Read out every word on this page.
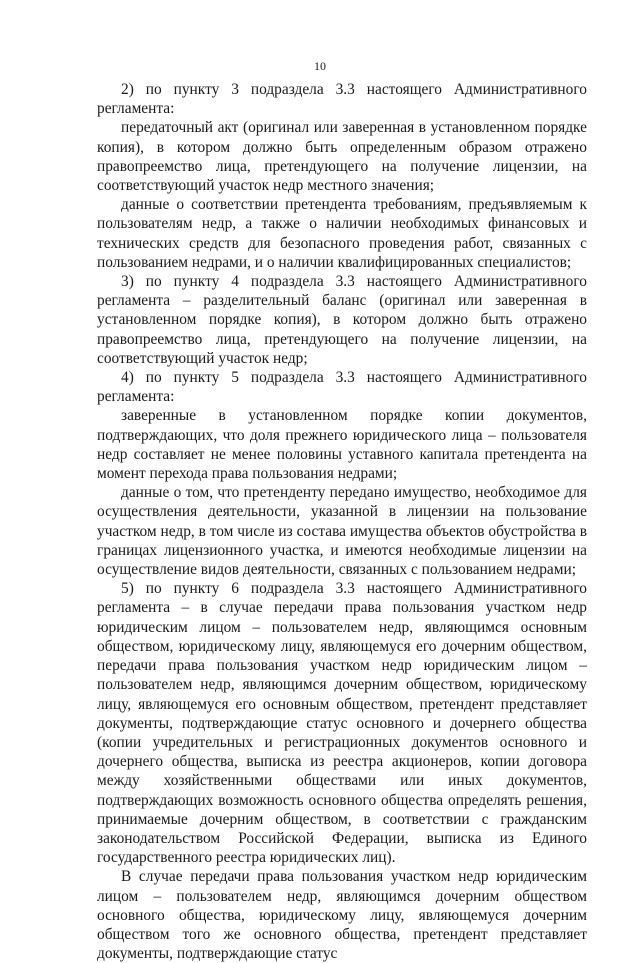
10

2) по пункту 3 подраздела 3.3 настоящего Административного регламента:

передаточный акт (оригинал или заверенная в установленном порядке копия), в котором должно быть определенным образом отражено правопреемство лица, претендующего на получение лицензии, на соответствующий участок недр местного значения;

данные о соответствии претендента требованиям, предъявляемым к пользователям недр, а также о наличии необходимых финансовых и технических средств для безопасного проведения работ, связанных с пользованием недрами, и о наличии квалифицированных специалистов;

3) по пункту 4 подраздела 3.3 настоящего Административного регламента – разделительный баланс (оригинал или заверенная в установленном порядке копия), в котором должно быть отражено правопреемство лица, претендующего на получение лицензии, на соответствующий участок недр;

4) по пункту 5 подраздела 3.3 настоящего Административного регламента:

заверенные в установленном порядке копии документов, подтверждающих, что доля прежнего юридического лица – пользователя недр составляет не менее половины уставного капитала претендента на момент перехода права пользования недрами;

данные о том, что претенденту передано имущество, необходимое для осуществления деятельности, указанной в лицензии на пользование участком недр, в том числе из состава имущества объектов обустройства в границах лицензионного участка, и имеются необходимые лицензии на осуществление видов деятельности, связанных с пользованием недрами;

5) по пункту 6 подраздела 3.3 настоящего Административного регламента – в случае передачи права пользования участком недр юридическим лицом – пользователем недр, являющимся основным обществом, юридическому лицу, являющемуся его дочерним обществом, передачи права пользования участком недр юридическим лицом – пользователем недр, являющимся дочерним обществом, юридическому лицу, являющемуся его основным обществом, претендент представляет документы, подтверждающие статус основного и дочернего общества (копии учредительных и регистрационных документов основного и дочернего общества, выписка из реестра акционеров, копии договора между хозяйственными обществами или иных документов, подтверждающих возможность основного общества определять решения, принимаемые дочерним обществом, в соответствии с гражданским законодательством Российской Федерации, выписка из Единого государственного реестра юридических лиц).

В случае передачи права пользования участком недр юридическим лицом – пользователем недр, являющимся дочерним обществом основного общества, юридическому лицу, являющемуся дочерним обществом того же основного общества, претендент представляет документы, подтверждающие статус
